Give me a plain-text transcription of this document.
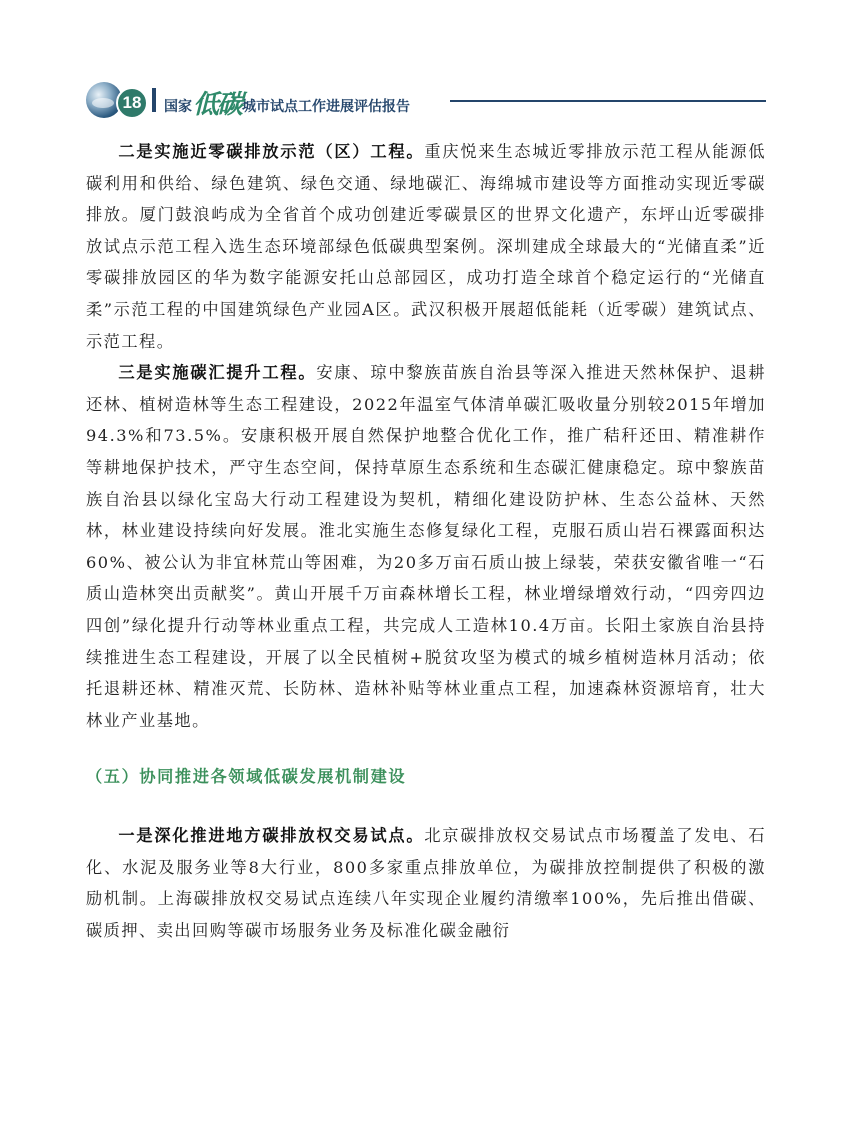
18	国家 低碳 城市试点工作进展评估报告

二是实施近零碳排放示范（区）工程。重庆悦来生态城近零排放示范工程从能源低碳利用和供给、绿色建筑、绿色交通、绿地碳汇、海绵城市建设等方面推动实现近零碳排放。厦门鼓浪屿成为全省首个成功创建近零碳景区的世界文化遗产，东坪山近零碳排放试点示范工程入选生态环境部绿色低碳典型案例。深圳建成全球最大的“光储直柔”近零碳排放园区的华为数字能源安托山总部园区，成功打造全球首个稳定运行的“光储直柔”示范工程的中国建筑绿色产业园A区。武汉积极开展超低能耗（近零碳）建筑试点、示范工程。

三是实施碳汇提升工程。安康、琼中黎族苗族自治县等深入推进天然林保护、退耕还林、植树造林等生态工程建设，2022年温室气体清单碳汇吸收量分别较2015年增加94.3%和73.5%。安康积极开展自然保护地整合优化工作，推广秸秆还田、精准耕作等耕地保护技术，严守生态空间，保持草原生态系统和生态碳汇健康稳定。琼中黎族苗族自治县以绿化宝岛大行动工程建设为契机，精细化建设防护林、生态公益林、天然林，林业建设持续向好发展。淮北实施生态修复绿化工程，克服石质山岩石裸露面积达60%、被公认为非宜林荒山等困难，为20多万亩石质山披上绿装，荣获安徽省唯一“石质山造林突出贡献奖”。黄山开展千万亩森林增长工程，林业增绿增效行动，“四旁四边四创”绿化提升行动等林业重点工程，共完成人工造林10.4万亩。长阳土家族自治县持续推进生态工程建设，开展了以全民植树+脱贫攻坚为模式的城乡植树造林月活动；依托退耕还林、精准灭荒、长防林、造林补贴等林业重点工程，加速森林资源培育，壮大林业产业基地。

（五）协同推进各领域低碳发展机制建设

一是深化推进地方碳排放权交易试点。北京碳排放权交易试点市场覆盖了发电、石化、水泥及服务业等8大行业，800多家重点排放单位，为碳排放控制提供了积极的激励机制。上海碳排放权交易试点连续八年实现企业履约清缴率100%，先后推出借碳、碳质押、卖出回购等碳市场服务业务及标准化碳金融衍
